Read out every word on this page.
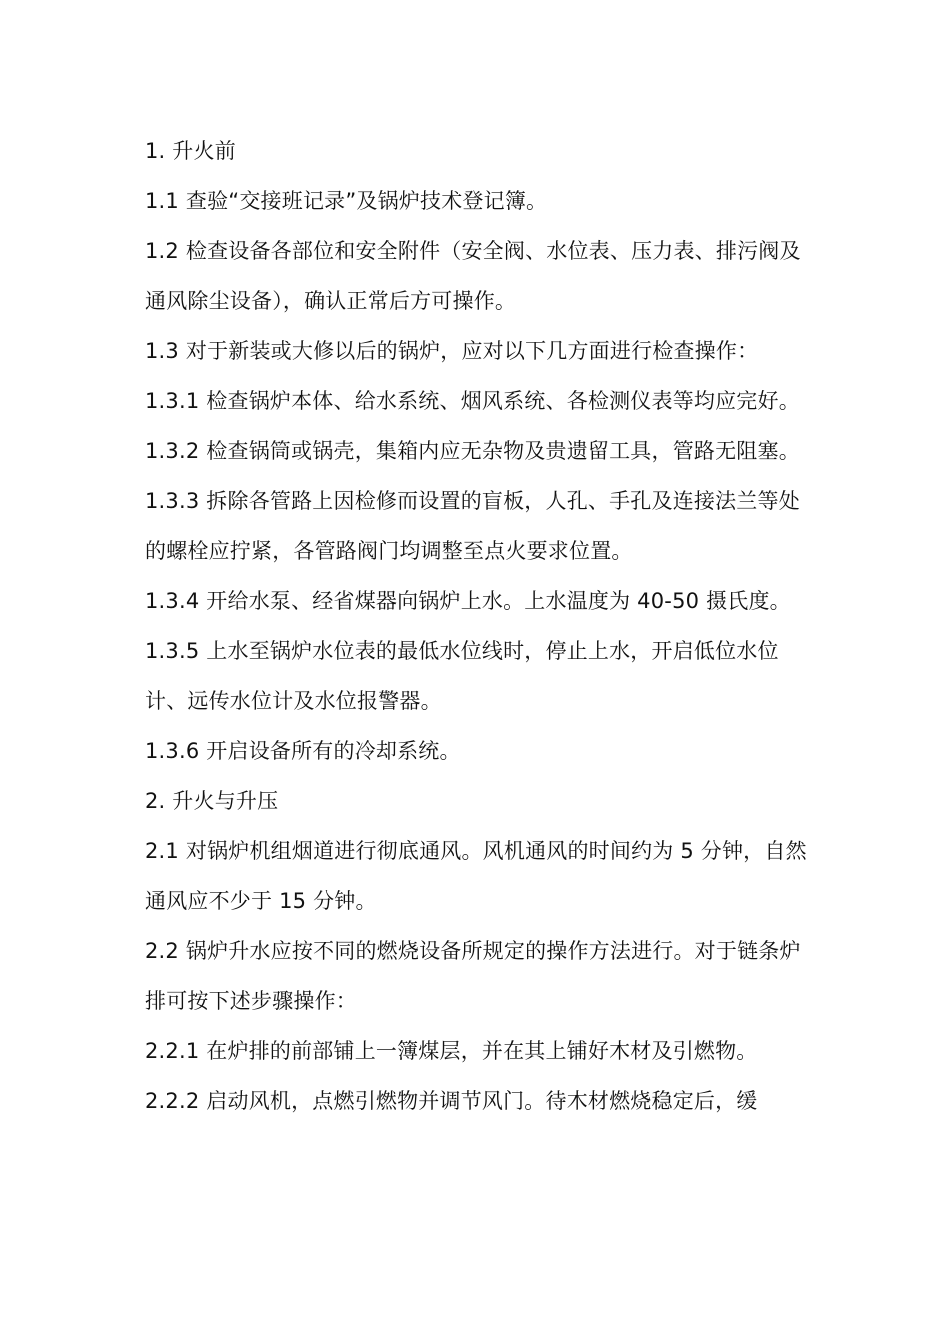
1. 升火前

1.1 查验“交接班记录”及锅炉技术登记簿。

1.2 检查设备各部位和安全附件（安全阀、水位表、压力表、排污阀及通风除尘设备），确认正常后方可操作。

1.3 对于新装或大修以后的锅炉，应对以下几方面进行检查操作：

1.3.1 检查锅炉本体、给水系统、烟风系统、各检测仪表等均应完好。

1.3.2 检查锅筒或锅壳，集箱内应无杂物及贵遗留工具，管路无阻塞。

1.3.3 拆除各管路上因检修而设置的盲板，人孔、手孔及连接法兰等处的螺栓应拧紧，各管路阀门均调整至点火要求位置。

1.3.4 开给水泵、经省煤器向锅炉上水。上水温度为 40-50 摄氏度。

1.3.5 上水至锅炉水位表的最低水位线时，停止上水，开启低位水位计、远传水位计及水位报警器。

1.3.6 开启设备所有的冷却系统。

2. 升火与升压

2.1 对锅炉机组烟道进行彻底通风。风机通风的时间约为 5 分钟，自然通风应不少于 15 分钟。

2.2 锅炉升水应按不同的燃烧设备所规定的操作方法进行。对于链条炉排可按下述步骤操作：

2.2.1 在炉排的前部铺上一簿煤层，并在其上铺好木材及引燃物。

2.2.2 启动风机，点燃引燃物并调节风门。待木材燃烧稳定后，缓
